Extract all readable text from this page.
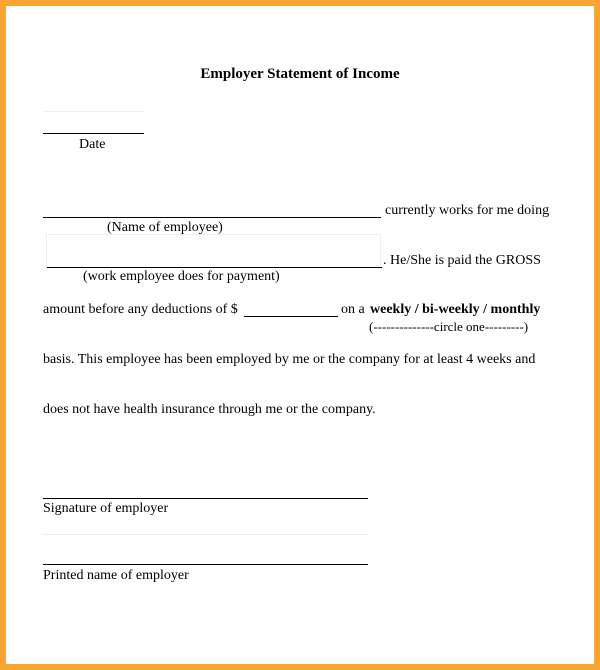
Employer Statement of Income
Date
currently works for me doing
(Name of employee)
. He/She is paid the GROSS
(work employee does for payment)
amount before any deductions of $	on a weekly / bi-weekly / monthly
(--------------circle one---------)
basis. This employee has been employed by me or the company for at least 4 weeks and
does not have health insurance through me or the company.
Signature of employer
Printed name of employer
